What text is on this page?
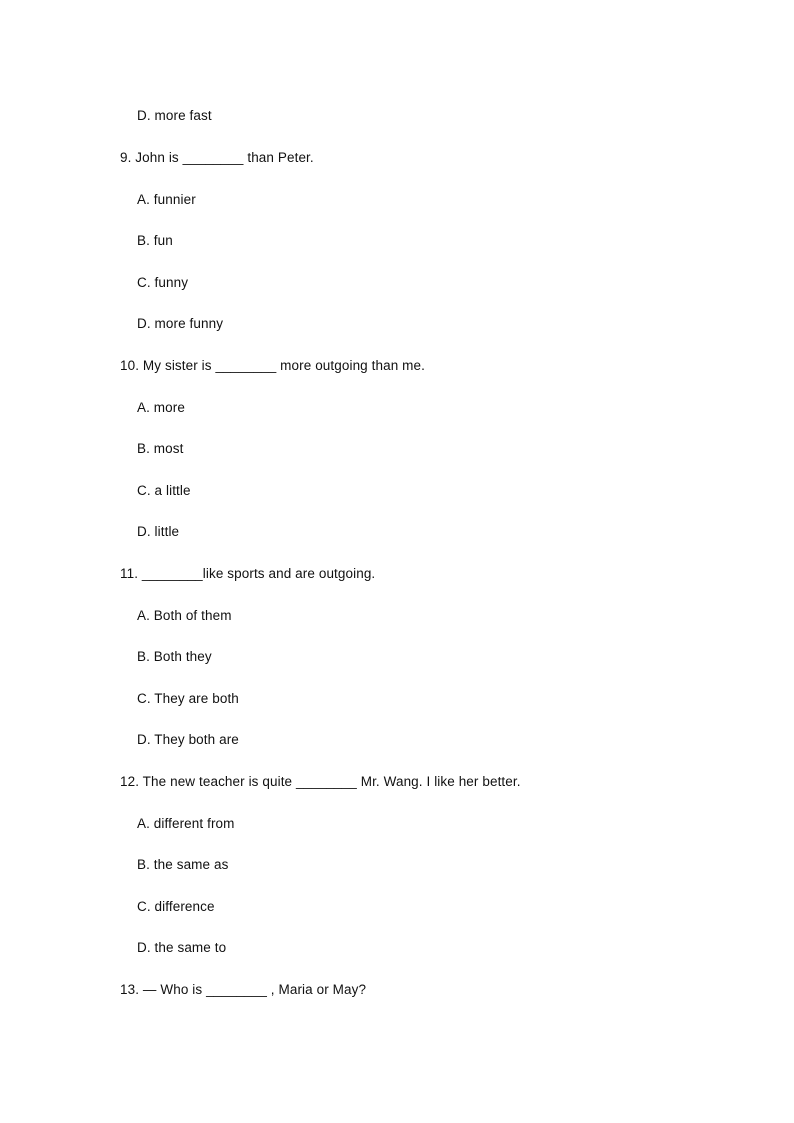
D. more fast
9. John is ________ than Peter.
A. funnier
B. fun
C. funny
D. more funny
10. My sister is ________ more outgoing than me.
A. more
B. most
C. a little
D. little
11. ________like sports and are outgoing.
A. Both of them
B. Both they
C. They are both
D. They both are
12. The new teacher is quite ________ Mr. Wang. I like her better.
A. different from
B. the same as
C. difference
D. the same to
13. — Who is ________ , Maria or May?
